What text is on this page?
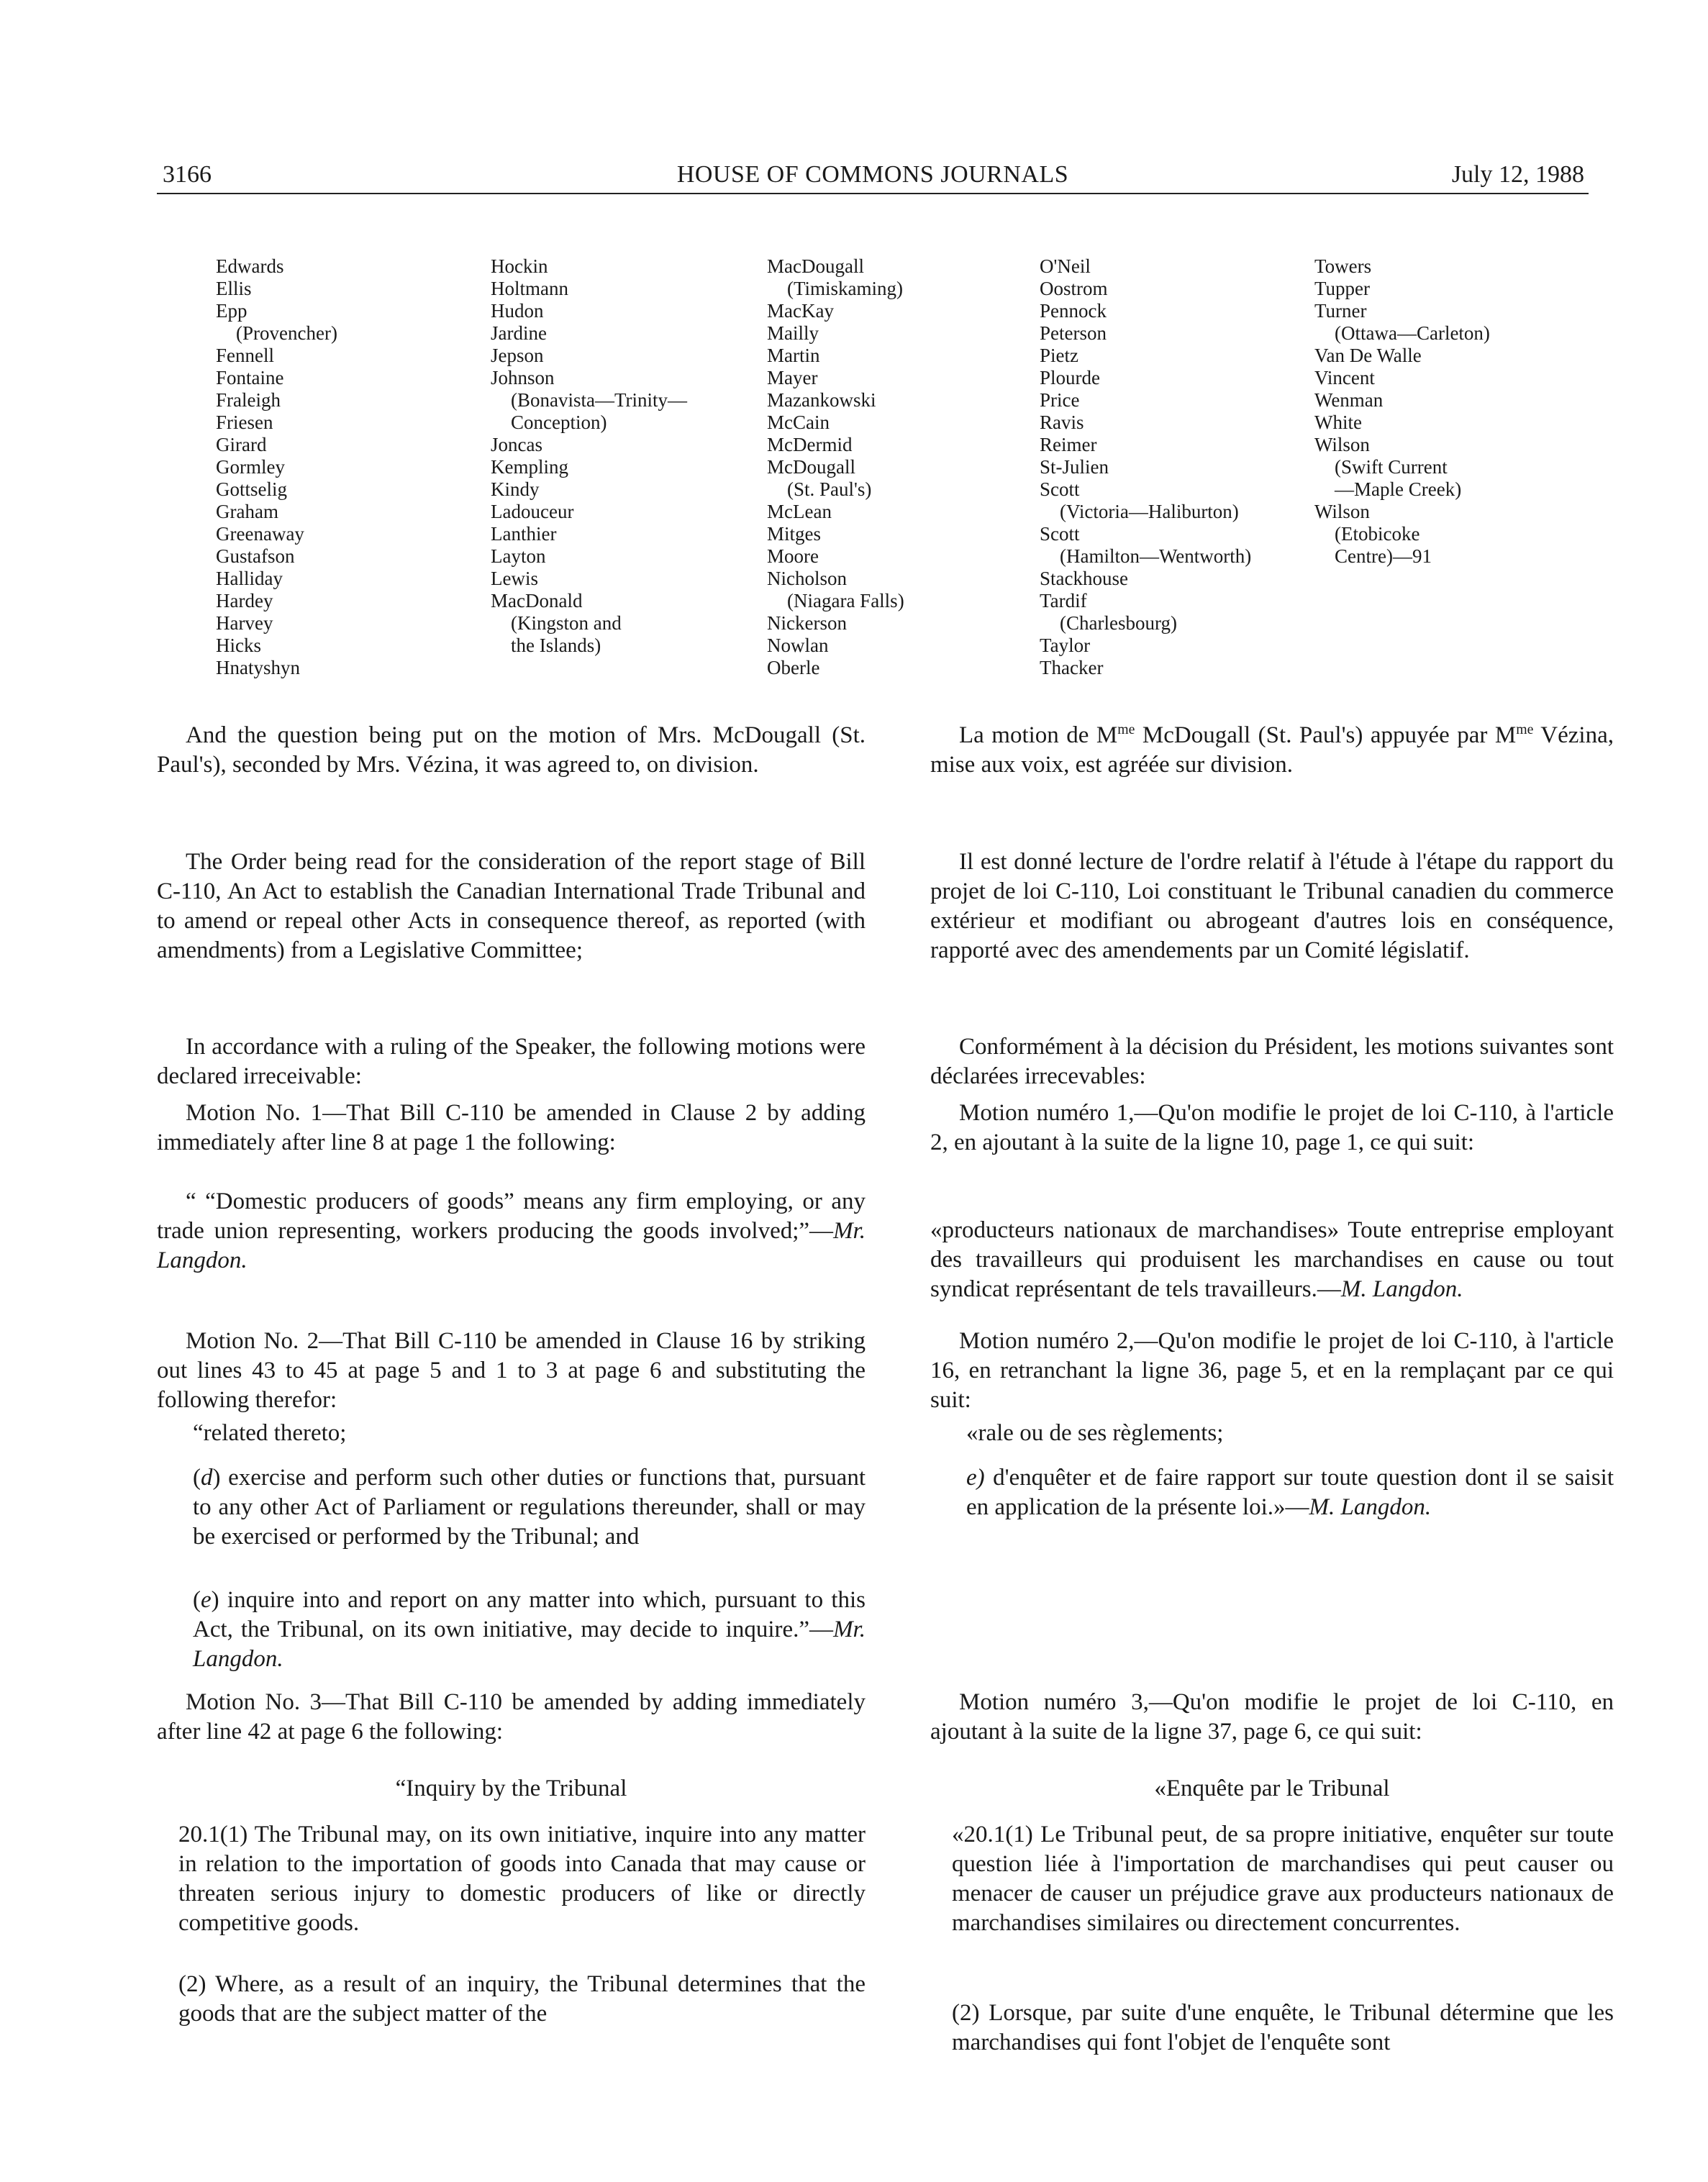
3166	HOUSE OF COMMONS JOURNALS	July 12, 1988
Edwards
Ellis
Epp
(Provencher)
Fennell
Fontaine
Fraleigh
Friesen
Girard
Gormley
Gottselig
Graham
Greenaway
Gustafson
Halliday
Hardey
Harvey
Hicks
Hnatyshyn
Hockin
Holtmann
Hudon
Jardine
Jepson
Johnson
(Bonavista—Trinity—
Conception)
Joncas
Kempling
Kindy
Ladouceur
Lanthier
Layton
Lewis
MacDonald
(Kingston and
the Islands)
MacDougall
(Timiskaming)
MacKay
Mailly
Martin
Mayer
Mazankowski
McCain
McDermid
McDougall
(St. Paul's)
McLean
Mitges
Moore
Nicholson
(Niagara Falls)
Nickerson
Nowlan
Oberle
O'Neil
Oostrom
Pennock
Peterson
Pietz
Plourde
Price
Ravis
Reimer
St-Julien
Scott
(Victoria—Haliburton)
Scott
(Hamilton—Wentworth)
Stackhouse
Tardif
(Charlesbourg)
Taylor
Thacker
Towers
Tupper
Turner
(Ottawa—Carleton)
Van De Walle
Vincent
Wenman
White
Wilson
(Swift Current
—Maple Creek)
Wilson
(Etobicoke
Centre)—91

And the question being put on the motion of Mrs. McDougall (St. Paul's), seconded by Mrs. Vézina, it was agreed to, on division.

The Order being read for the consideration of the report stage of Bill C-110, An Act to establish the Canadian International Trade Tribunal and to amend or repeal other Acts in consequence thereof, as reported (with amendments) from a Legislative Committee;

In accordance with a ruling of the Speaker, the following motions were declared irreceivable:

Motion No. 1—That Bill C-110 be amended in Clause 2 by adding immediately after line 8 at page 1 the following:

“ “Domestic producers of goods” means any firm employing, or any trade union representing, workers producing the goods involved;”—Mr. Langdon.

Motion No. 2—That Bill C-110 be amended in Clause 16 by striking out lines 43 to 45 at page 5 and 1 to 3 at page 6 and substituting the following therefor:

“related thereto;

(d) exercise and perform such other duties or functions that, pursuant to any other Act of Parliament or regulations thereunder, shall or may be exercised or performed by the Tribunal; and

(e) inquire into and report on any matter into which, pursuant to this Act, the Tribunal, on its own initiative, may decide to inquire.”—Mr. Langdon.

Motion No. 3—That Bill C-110 be amended by adding immediately after line 42 at page 6 the following:

“Inquiry by the Tribunal

20.1(1) The Tribunal may, on its own initiative, inquire into any matter in relation to the importation of goods into Canada that may cause or threaten serious injury to domestic producers of like or directly competitive goods.

(2) Where, as a result of an inquiry, the Tribunal determines that the goods that are the subject matter of the

La motion de $M^{me}$ McDougall (St. Paul's) appuyée par $M^{me}$ Vézina, mise aux voix, est agréée sur division.

Il est donné lecture de l'ordre relatif à l'étude à l'étape du rapport du projet de loi C-110, Loi constituant le Tribunal canadien du commerce extérieur et modifiant ou abrogeant d'autres lois en conséquence, rapporté avec des amendements par un Comité législatif.

Conformément à la décision du Président, les motions suivantes sont déclarées irrecevables:

Motion numéro 1,—Qu'on modifie le projet de loi C-110, à l'article 2, en ajoutant à la suite de la ligne 10, page 1, ce qui suit:

«producteurs nationaux de marchandises» Toute entreprise employant des travailleurs qui produisent les marchandises en cause ou tout syndicat représentant de tels travailleurs.—M. Langdon.

Motion numéro 2,—Qu'on modifie le projet de loi C-110, à l'article 16, en retranchant la ligne 36, page 5, et en la remplaçant par ce qui suit:

«rale ou de ses règlements;

e) d'enquêter et de faire rapport sur toute question dont il se saisit en application de la présente loi.»—M. Langdon.

Motion numéro 3,—Qu'on modifie le projet de loi C-110, en ajoutant à la suite de la ligne 37, page 6, ce qui suit:

«Enquête par le Tribunal

«20.1(1) Le Tribunal peut, de sa propre initiative, enquêter sur toute question liée à l'importation de marchandises qui peut causer ou menacer de causer un préjudice grave aux producteurs nationaux de marchandises similaires ou directement concurrentes.

(2) Lorsque, par suite d'une enquête, le Tribunal détermine que les marchandises qui font l'objet de l'enquête sont
